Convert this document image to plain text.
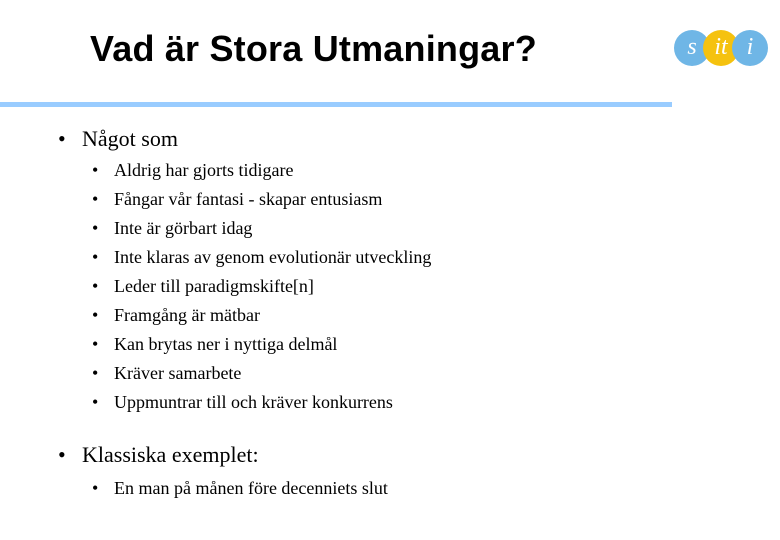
Vad är Stora Utmaningar?	s it i
• Något som
• Aldrig har gjorts tidigare
• Fångar vår fantasi - skapar entusiasm
• Inte är görbart idag
• Inte klaras av genom evolutionär utveckling
• Leder till paradigmskifte[n]
• Framgång är mätbar
• Kan brytas ner i nyttiga delmål
• Kräver samarbete
• Uppmuntrar till och kräver konkurrens
• Klassiska exemplet:
• En man på månen före decenniets slut
